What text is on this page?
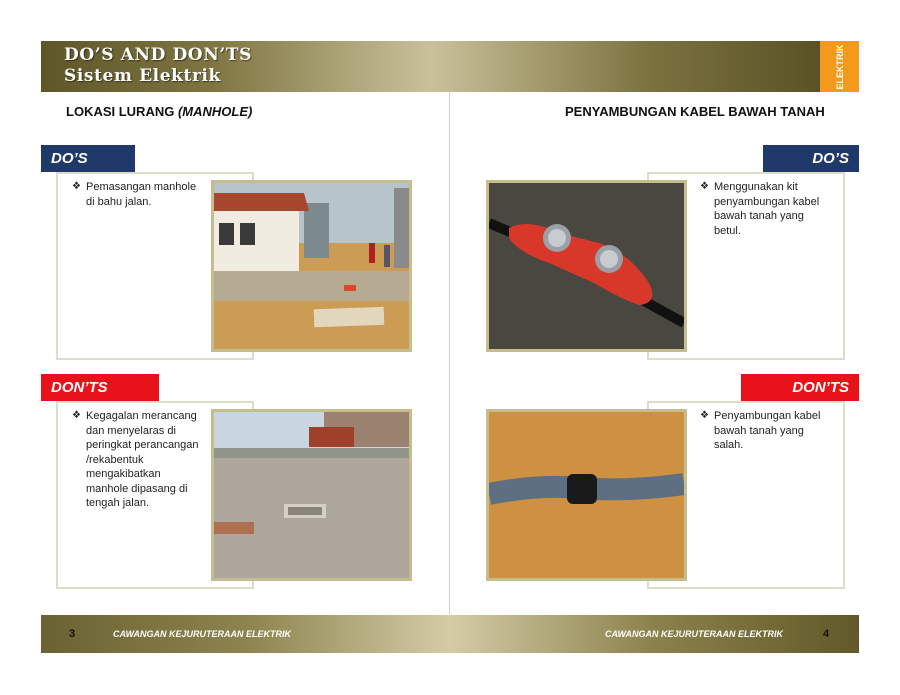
DO’S AND DON’TS
Sistem Elektrik	ELEKTRIK
LOKASI LURANG (MANHOLE)
DO’S
❖ Pemasangan manhole di bahu jalan.
DON’TS
❖ Kegagalan merancang dan menyelaras di peringkat perancangan /rekabentuk mengakibatkan manhole dipasang di tengah jalan.
PENYAMBUNGAN KABEL BAWAH TANAH
DO’S
❖ Menggunakan kit penyambungan kabel bawah tanah yang betul.
DON’TS
❖ Penyambungan kabel bawah tanah yang salah.
3	CAWANGAN KEJURUTERAAN ELEKTRIK	CAWANGAN KEJURUTERAAN ELEKTRIK	4
